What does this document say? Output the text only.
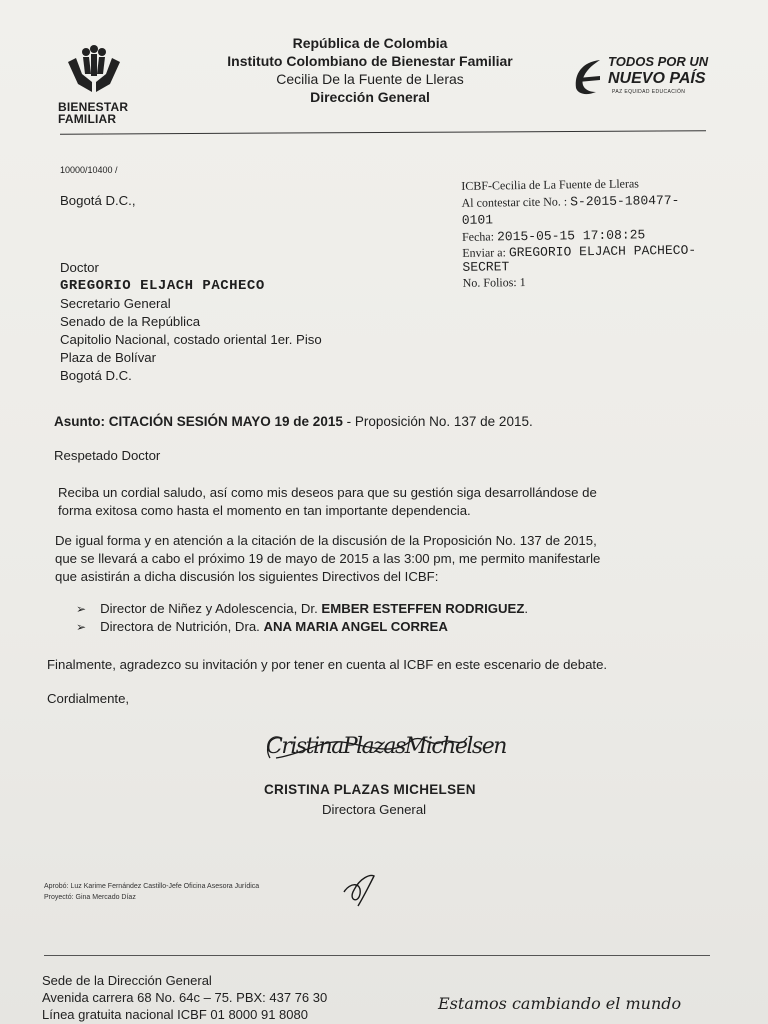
BIENESTAR
FAMILIAR
República de Colombia
Instituto Colombiano de Bienestar Familiar
Cecilia De la Fuente de Lleras
Dirección General
TODOS POR UN
NUEVO PAÍS
PAZ EQUIDAD EDUCACIÓN
10000/10400 /
Bogotá D.C.,
ICBF-Cecilia de La Fuente de Lleras
Al contestar cite No. : S-2015-180477-
0101
Fecha: 2015-05-15 17:08:25
Enviar a: GREGORIO ELJACH PACHECO-
SECRET
No. Folios: 1
Doctor
GREGORIO ELJACH PACHECO
Secretario General
Senado de la República
Capitolio Nacional, costado oriental 1er. Piso
Plaza de Bolívar
Bogotá D.C.
Asunto: CITACIÓN SESIÓN MAYO 19 de 2015 - Proposición No. 137 de 2015.
Respetado Doctor
Reciba un cordial saludo, así como mis deseos para que su gestión siga desarrollándose de
forma exitosa como hasta el momento en tan importante dependencia.
De igual forma y en atención a la citación de la discusión de la Proposición No. 137 de 2015,
que se llevará a cabo el próximo 19 de mayo de 2015 a las 3:00 pm, me permito manifestarle
que asistirán a dicha discusión los siguientes Directivos del ICBF:
➢ Director de Niñez y Adolescencia, Dr. EMBER ESTEFFEN RODRIGUEZ.
➢ Directora de Nutrición, Dra. ANA MARIA ANGEL CORREA
Finalmente, agradezco su invitación y por tener en cuenta al ICBF en este escenario de debate.
Cordialmente,
CristinaPlazasMichelsen
CRISTINA PLAZAS MICHELSEN
Directora General
Aprobó: Luz Karime Fernández Castillo-Jefe Oficina Asesora Jurídica
Proyectó: Gina Mercado Díaz
Sede de la Dirección General
Avenida carrera 68 No. 64c – 75. PBX: 437 76 30
Línea gratuita nacional ICBF 01 8000 91 8080
Estamos cambiando el mundo
